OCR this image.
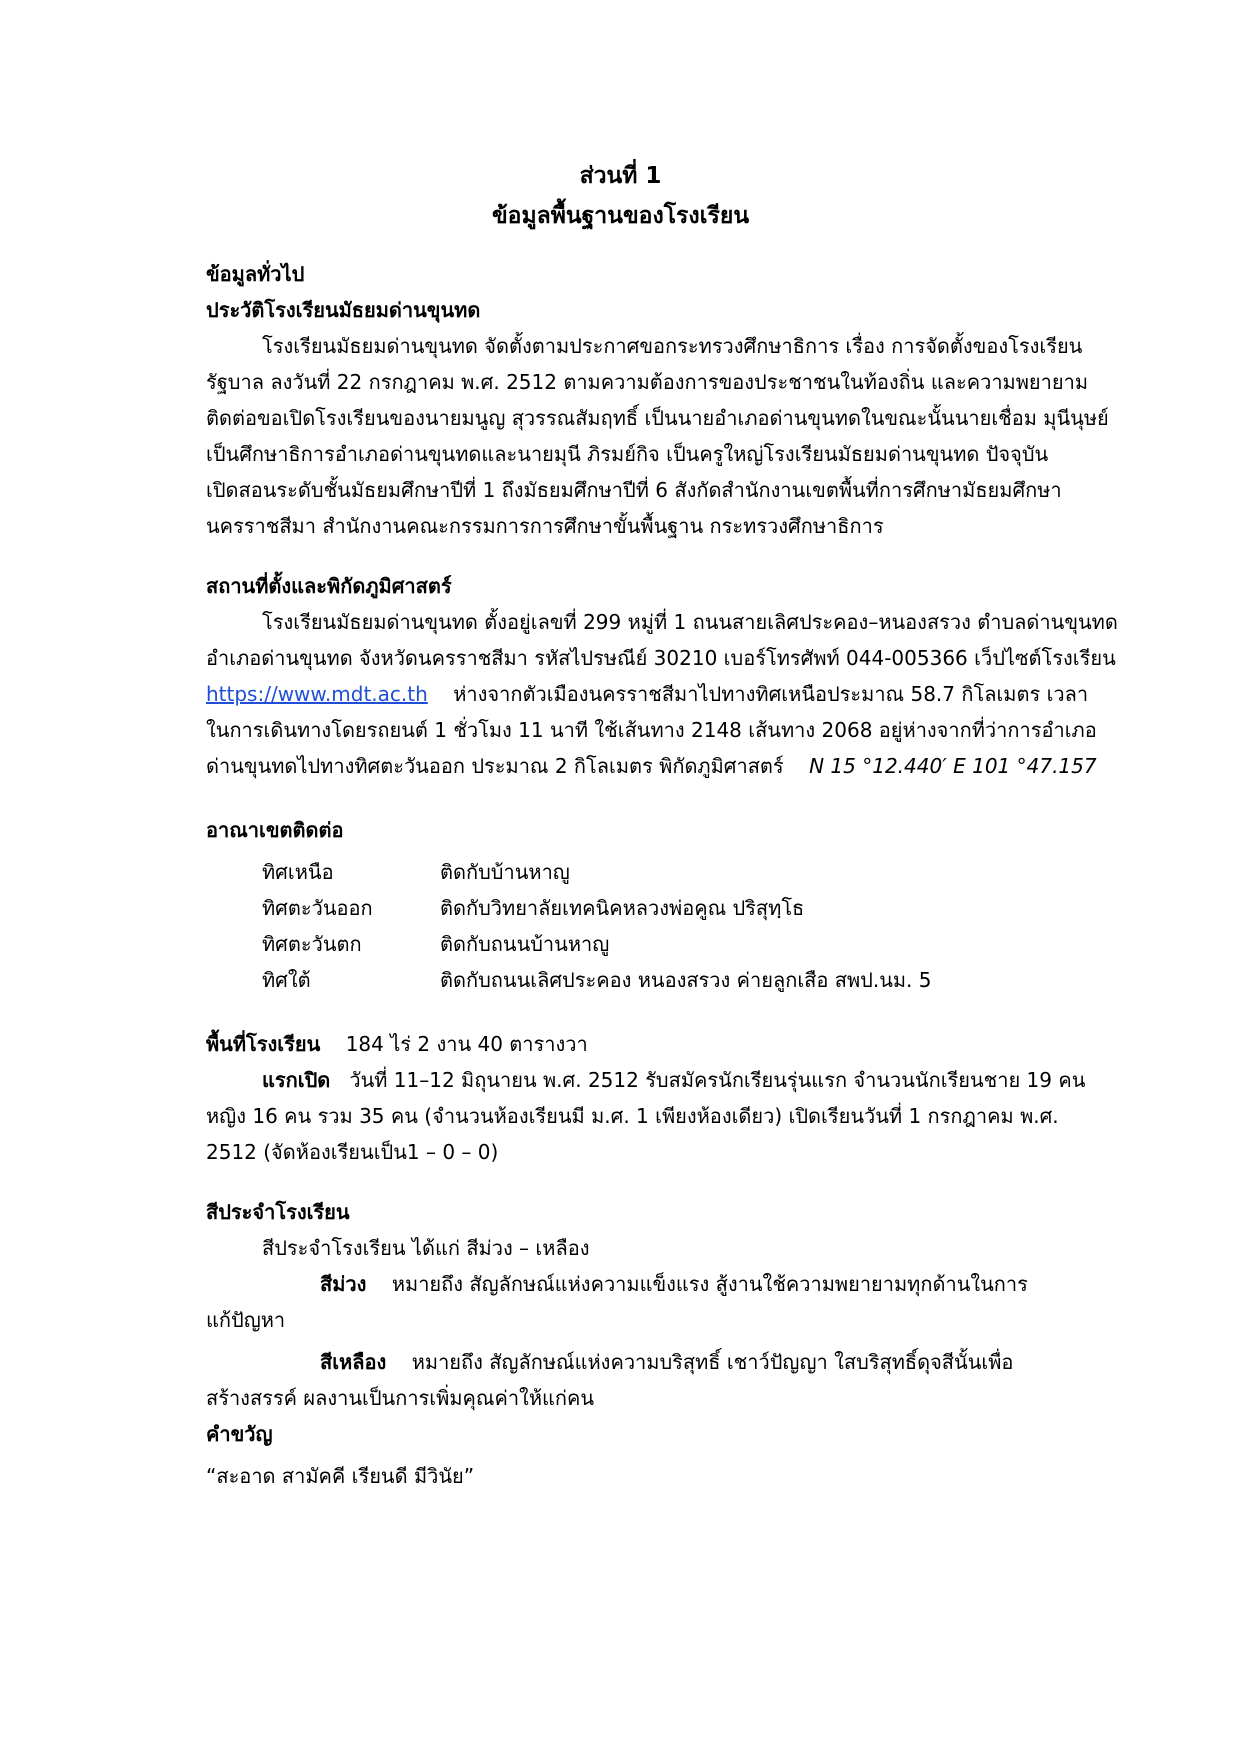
ส่วนที่ 1
ข้อมูลพื้นฐานของโรงเรียน
ข้อมูลทั่วไป
ประวัติโรงเรียนมัธยมด่านขุนทด
โรงเรียนมัธยมด่านขุนทด จัดตั้งตามประกาศขอกระทรวงศึกษาธิการ เรื่อง การจัดตั้งของโรงเรียน
รัฐบาล ลงวันที่ 22 กรกฎาคม พ.ศ. 2512 ตามความต้องการของประชาชนในท้องถิ่น และความพยายาม
ติดต่อขอเปิดโรงเรียนของนายมนูญ สุวรรณสัมฤทธิ์ เป็นนายอำเภอด่านขุนทดในขณะนั้นนายเชื่อม มุนีนุษย์
เป็นศึกษาธิการอำเภอด่านขุนทดและนายมุนี ภิรมย์กิจ เป็นครูใหญ่โรงเรียนมัธยมด่านขุนทด ปัจจุบัน
เปิดสอนระดับชั้นมัธยมศึกษาปีที่ 1 ถึงมัธยมศึกษาปีที่ 6 สังกัดสำนักงานเขตพื้นที่การศึกษามัธยมศึกษา
นครราชสีมา สำนักงานคณะกรรมการการศึกษาขั้นพื้นฐาน กระทรวงศึกษาธิการ
สถานที่ตั้งและพิกัดภูมิศาสตร์
โรงเรียนมัธยมด่านขุนทด ตั้งอยู่เลขที่ 299 หมู่ที่ 1 ถนนสายเลิศประคอง–หนองสรวง ตำบลด่านขุนทด
อำเภอด่านขุนทด จังหวัดนครราชสีมา รหัสไปรษณีย์ 30210 เบอร์โทรศัพท์ 044-005366 เว็ปไซต์โรงเรียน
https://www.mdt.ac.th ห่างจากตัวเมืองนครราชสีมาไปทางทิศเหนือประมาณ 58.7 กิโลเมตร เวลา
ในการเดินทางโดยรถยนต์ 1 ชั่วโมง 11 นาที ใช้เส้นทาง 2148 เส้นทาง 2068 อยู่ห่างจากที่ว่าการอำเภอ
ด่านขุนทดไปทางทิศตะวันออก ประมาณ 2 กิโลเมตร พิกัดภูมิศาสตร์ N 15 °12.440′ E 101 °47.157
อาณาเขตติดต่อ
ทิศเหนือ	ติดกับบ้านหาญู
ทิศตะวันออก	ติดกับวิทยาลัยเทคนิคหลวงพ่อคูณ ปริสุทฺโธ
ทิศตะวันตก	ติดกับถนนบ้านหาญู
ทิศใต้	ติดกับถนนเลิศประคอง หนองสรวง ค่ายลูกเสือ สพป.นม. 5
พื้นที่โรงเรียน 184 ไร่ 2 งาน 40 ตารางวา
แรกเปิด วันที่ 11–12 มิถุนายน พ.ศ. 2512 รับสมัครนักเรียนรุ่นแรก จำนวนนักเรียนชาย 19 คน
หญิง 16 คน รวม 35 คน (จำนวนห้องเรียนมี ม.ศ. 1 เพียงห้องเดียว) เปิดเรียนวันที่ 1 กรกฎาคม พ.ศ.
2512 (จัดห้องเรียนเป็น1 – 0 – 0)
สีประจำโรงเรียน
สีประจำโรงเรียน ได้แก่ สีม่วง – เหลือง
สีม่วง หมายถึง สัญลักษณ์แห่งความแข็งแรง สู้งานใช้ความพยายามทุกด้านในการ
แก้ปัญหา
สีเหลือง หมายถึง สัญลักษณ์แห่งความบริสุทธิ์ เชาว์ปัญญา ใสบริสุทธิ์ดุจสีนั้นเพื่อ
สร้างสรรค์ ผลงานเป็นการเพิ่มคุณค่าให้แก่คน
คำขวัญ
“สะอาด สามัคคี เรียนดี มีวินัย”
